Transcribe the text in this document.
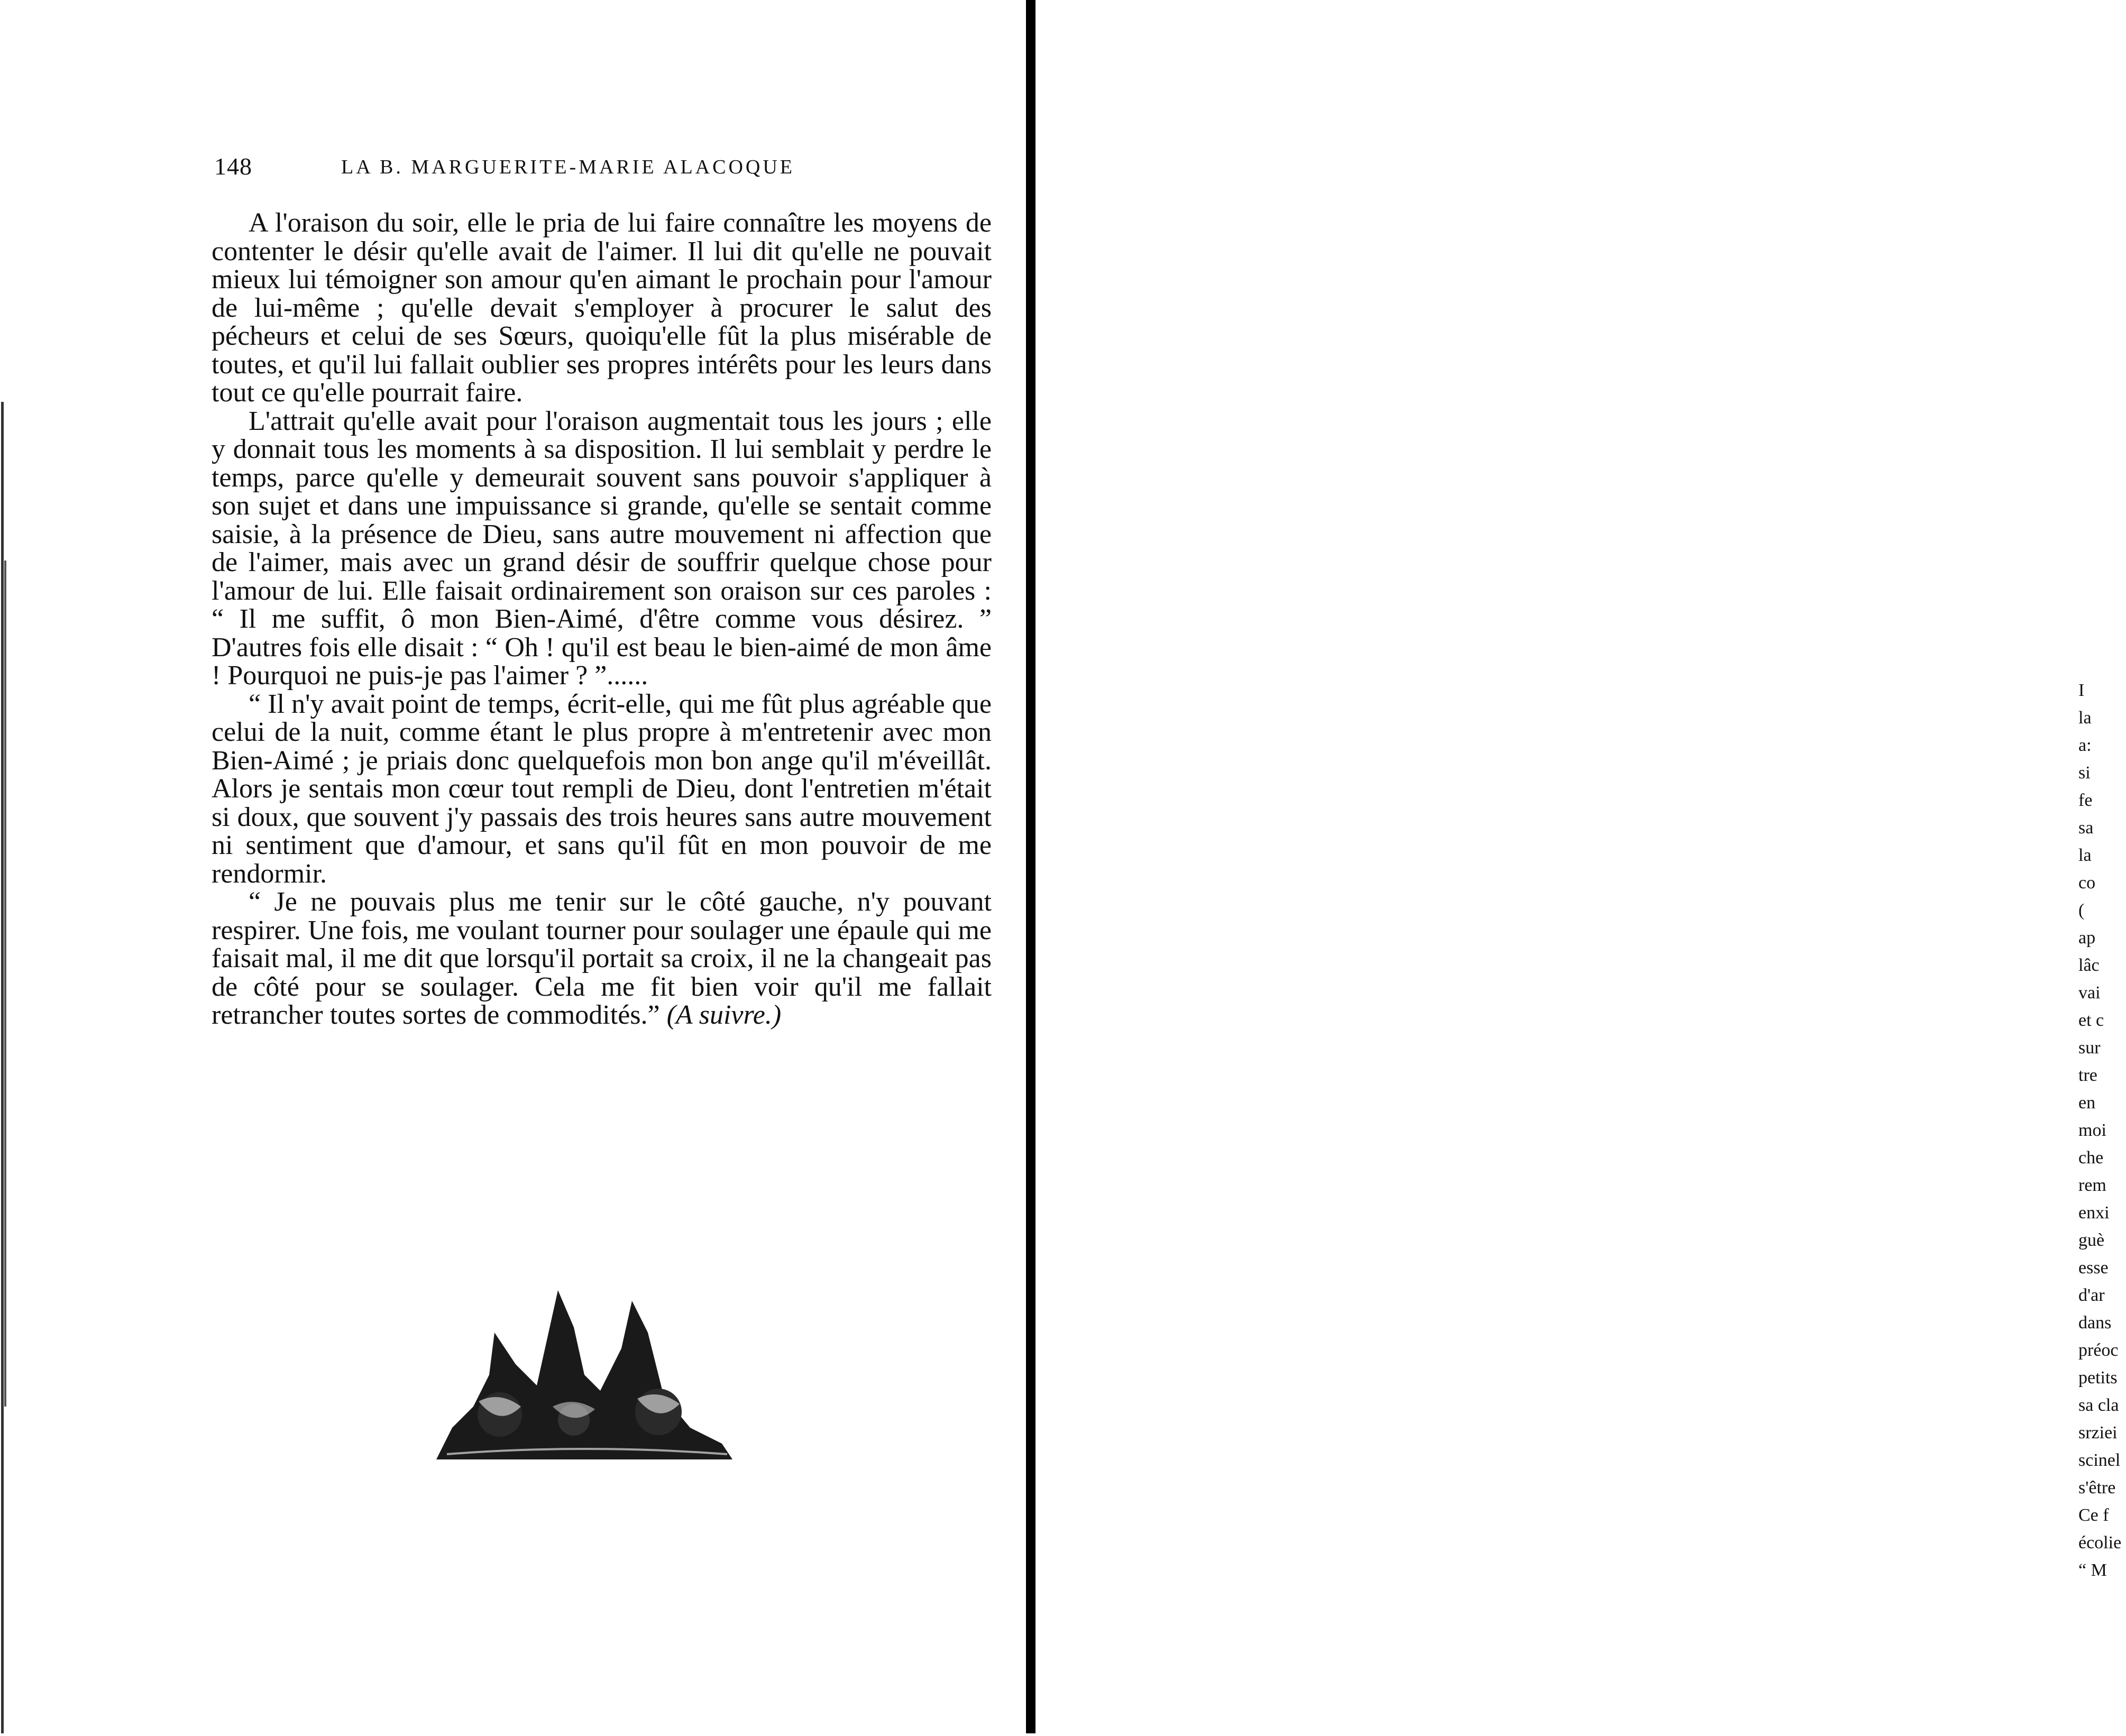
148	LA B. MARGUERITE-MARIE ALACOQUE

A l'oraison du soir, elle le pria de lui faire connaître les moyens de contenter le désir qu'elle avait de l'aimer. Il lui dit qu'elle ne pouvait mieux lui témoigner son amour qu'en aimant le prochain pour l'amour de lui-même ; qu'elle devait s'employer à procurer le salut des pécheurs et celui de ses Sœurs, quoiqu'elle fût la plus misérable de toutes, et qu'il lui fallait oublier ses propres intérêts pour les leurs dans tout ce qu'elle pourrait faire.

L'attrait qu'elle avait pour l'oraison augmentait tous les jours ; elle y donnait tous les moments à sa disposition. Il lui semblait y perdre le temps, parce qu'elle y demeurait souvent sans pouvoir s'appliquer à son sujet et dans une impuissance si grande, qu'elle se sentait comme saisie, à la présence de Dieu, sans autre mouvement ni affection que de l'aimer, mais avec un grand désir de souffrir quelque chose pour l'amour de lui. Elle faisait ordinairement son oraison sur ces paroles : “ Il me suffit, ô mon Bien-Aimé, d'être comme vous désirez. ” D'autres fois elle disait : “ Oh ! qu'il est beau le bien-aimé de mon âme ! Pourquoi ne puis-je pas l'aimer ? ”......

“ Il n'y avait point de temps, écrit-elle, qui me fût plus agréable que celui de la nuit, comme étant le plus propre à m'entretenir avec mon Bien-Aimé ; je priais donc quelquefois mon bon ange qu'il m'éveillât. Alors je sentais mon cœur tout rempli de Dieu, dont l'entretien m'était si doux, que souvent j'y passais des trois heures sans autre mouvement ni sentiment que d'amour, et sans qu'il fût en mon pouvoir de me rendormir.

“ Je ne pouvais plus me tenir sur le côté gauche, n'y pouvant respirer. Une fois, me voulant tourner pour soulager une épaule qui me faisait mal, il me dit que lorsqu'il portait sa croix, il ne la changeait pas de côté pour se soulager. Cela me fit bien voir qu'il me fallait retrancher toutes sortes de commodités.” (A suivre.)

I
la
a:
si
fe
sa
la
co
(
ap
lâc
vai
et c
sur
tre
en
moi
che
rem
enxi
guè
esse
d'ar
dans
préoc
petits
sa cla
srziei
scinel
s'être
Ce f
écolie
“ M
